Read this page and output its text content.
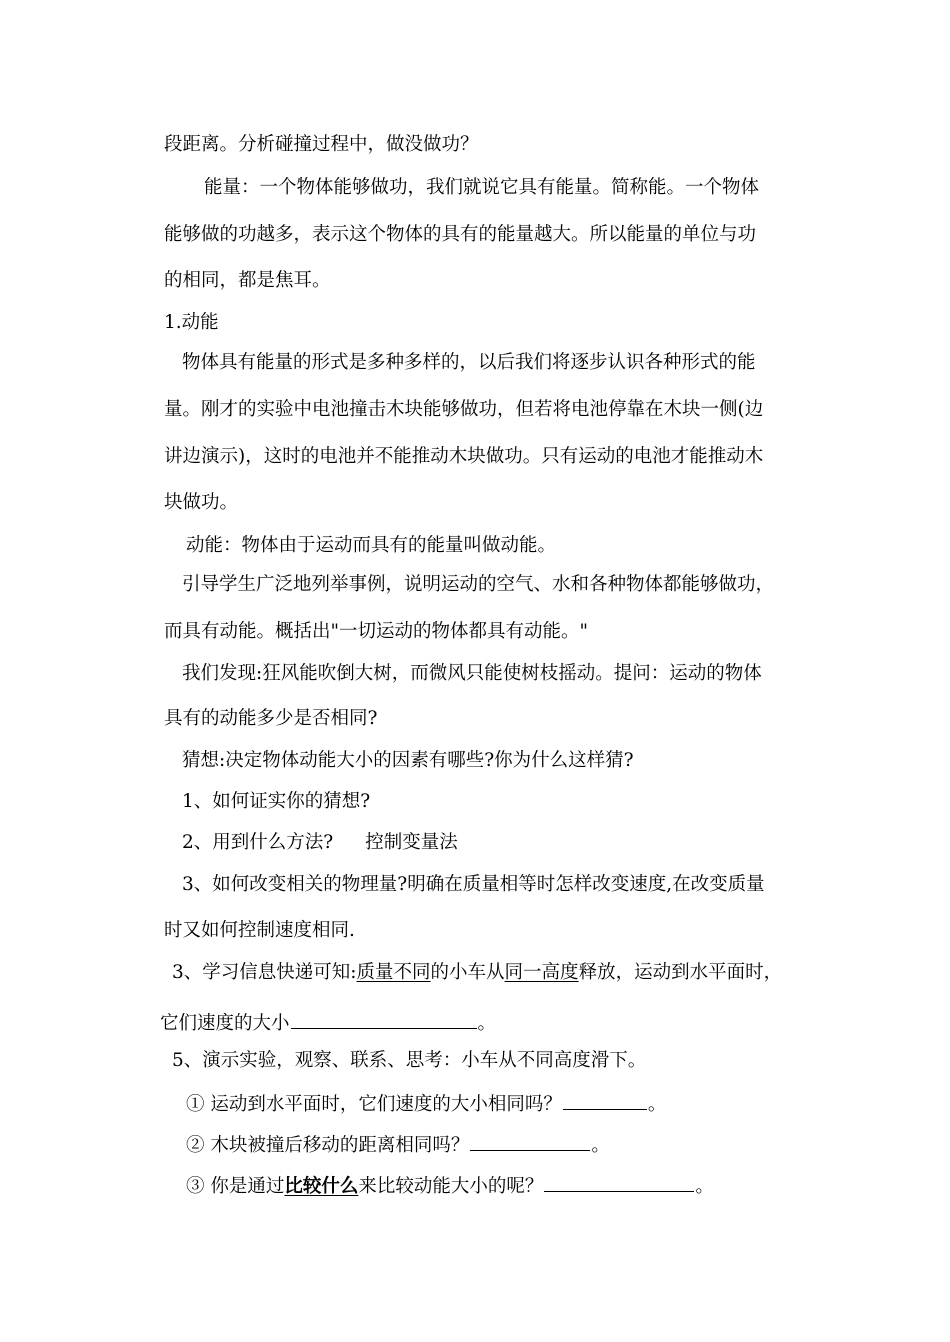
段距离。分析碰撞过程中，做没做功？
能量：一个物体能够做功，我们就说它具有能量。简称能。一个物体
能够做的功越多，表示这个物体的具有的能量越大。所以能量的单位与功
的相同，都是焦耳。
1.动能
物体具有能量的形式是多种多样的，以后我们将逐步认识各种形式的能
量。刚才的实验中电池撞击木块能够做功，但若将电池停靠在木块一侧(边
讲边演示)，这时的电池并不能推动木块做功。只有运动的电池才能推动木
块做功。
动能：物体由于运动而具有的能量叫做动能。
引导学生广泛地列举事例，说明运动的空气、水和各种物体都能够做功，
而具有动能。概括出"一切运动的物体都具有动能。"
我们发现:狂风能吹倒大树，而微风只能使树枝摇动。提问：运动的物体
具有的动能多少是否相同?
猜想:决定物体动能大小的因素有哪些?你为什么这样猜?
1、如何证实你的猜想?
2、用到什么方法? 控制变量法
3、如何改变相关的物理量?明确在质量相等时怎样改变速度,在改变质量
时又如何控制速度相同.
3、学习信息快递可知:质量不同的小车从同一高度释放，运动到水平面时，
它们速度的大小	。
5、演示实验，观察、联系、思考：小车从不同高度滑下。
① 运动到水平面时，它们速度的大小相同吗？	。
② 木块被撞后移动的距离相同吗？	。
③ 你是通过比较什么来比较动能大小的呢？	。
